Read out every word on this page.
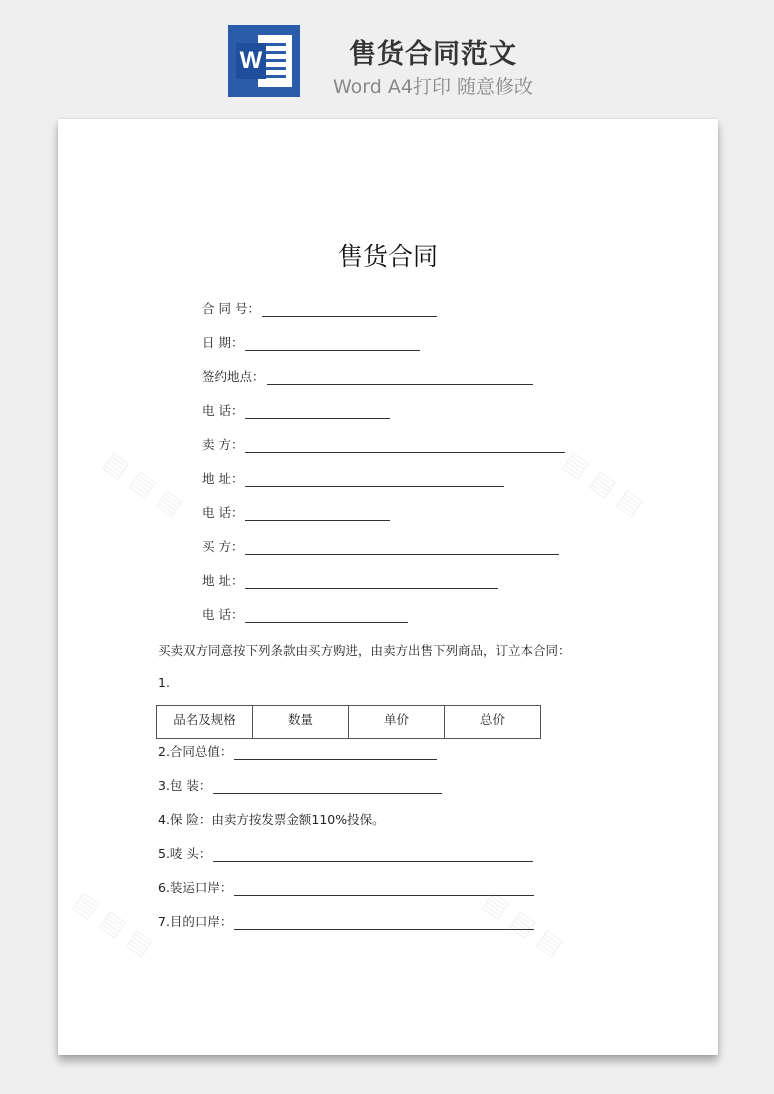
W	售货合同范文
Word A4打印 随意修改
售货合同
合 同 号：
日 期：
签约地点：
电 话：
卖 方：
地 址：
电 话：
买 方：
地 址：
电 话：
买卖双方同意按下列条款由买方购进，由卖方出售下列商品，订立本合同：
1.
品名及规格	数量	单价	总价
2.合同总值：
3.包 装：
4.保 险：由卖方按发票金额110%投保。
5.唛 头：
6.装运口岸：
7.目的口岸：
